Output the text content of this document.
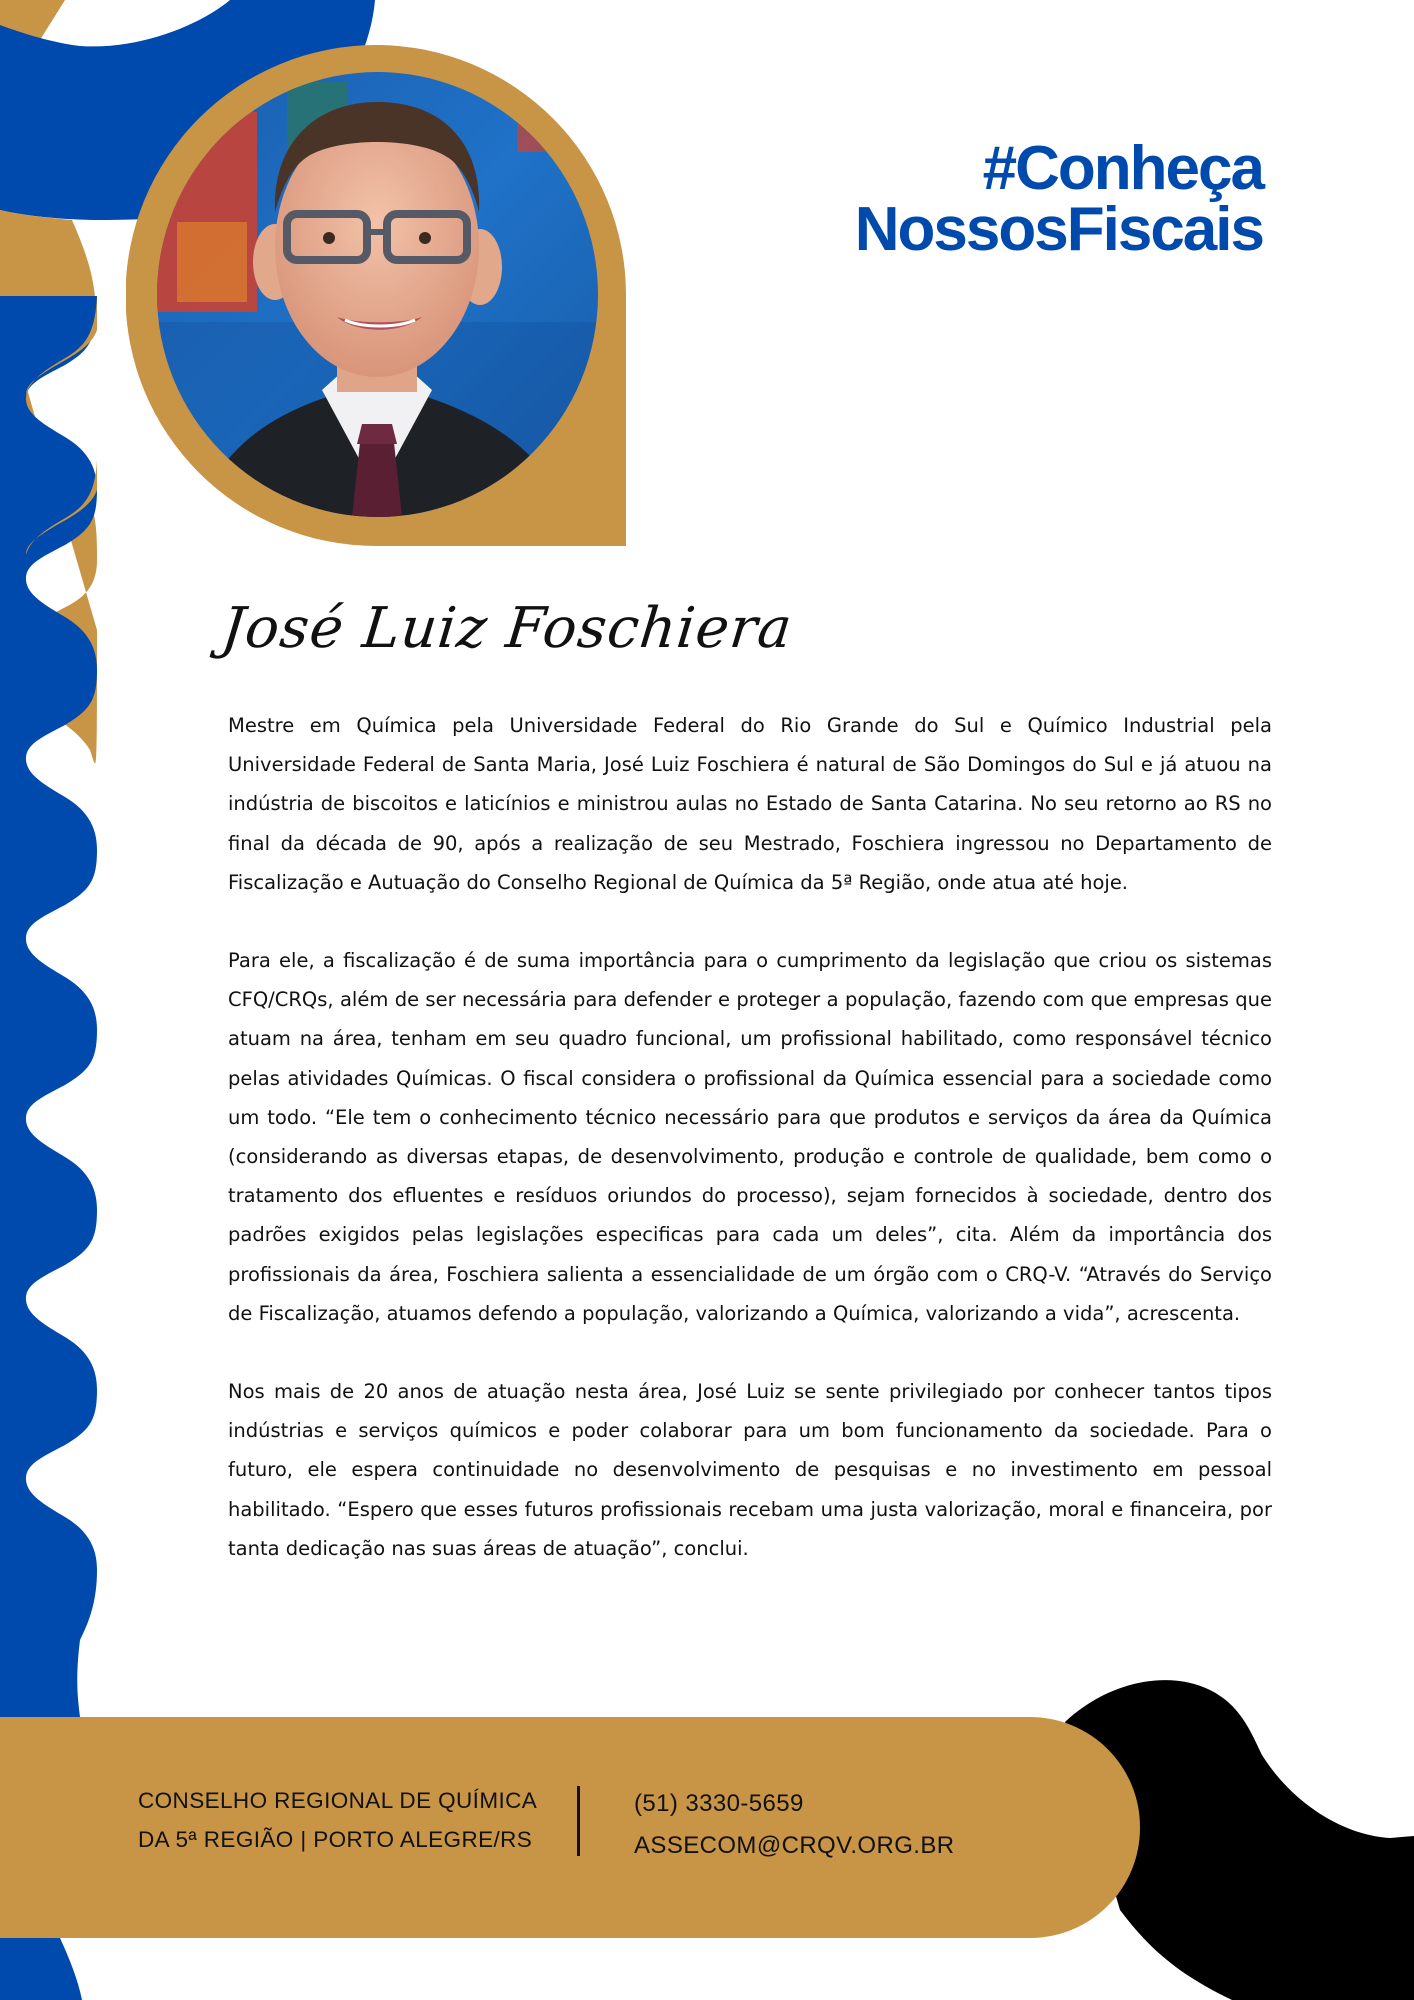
#Conheça
NossosFiscais
José Luiz Foschiera

Mestre em Química pela Universidade Federal do Rio Grande do Sul e Químico Industrial pela Universidade Federal de Santa Maria, José Luiz Foschiera é natural de São Domingos do Sul e já atuou na indústria de biscoitos e laticínios e ministrou aulas no Estado de Santa Catarina. No seu retorno ao RS no final da década de 90, após a realização de seu Mestrado, Foschiera ingressou no Departamento de Fiscalização e Autuação do Conselho Regional de Química da 5ª Região, onde atua até hoje.

Para ele, a fiscalização é de suma importância para o cumprimento da legislação que criou os sistemas CFQ/CRQs, além de ser necessária para defender e proteger a população, fazendo com que empresas que atuam na área, tenham em seu quadro funcional, um profissional habilitado, como responsável técnico pelas atividades Químicas. O fiscal considera o profissional da Química essencial para a sociedade como um todo. “Ele tem o conhecimento técnico necessário para que produtos e serviços da área da Química (considerando as diversas etapas, de desenvolvimento, produção e controle de qualidade, bem como o tratamento dos efluentes e resíduos oriundos do processo), sejam fornecidos à sociedade, dentro dos padrões exigidos pelas legislações especificas para cada um deles”, cita. Além da importância dos profissionais da área, Foschiera salienta a essencialidade de um órgão com o CRQ-V. “Através do Serviço de Fiscalização, atuamos defendo a população, valorizando a Química, valorizando a vida”, acrescenta.

Nos mais de 20 anos de atuação nesta área, José Luiz se sente privilegiado por conhecer tantos tipos indústrias e serviços químicos e poder colaborar para um bom funcionamento da sociedade. Para o futuro, ele espera continuidade no desenvolvimento de pesquisas e no investimento em pessoal habilitado. “Espero que esses futuros profissionais recebam uma justa valorização, moral e financeira, por tanta dedicação nas suas áreas de atuação”, conclui.

CONSELHO REGIONAL DE QUÍMICA
DA 5ª REGIÃO | PORTO ALEGRE/RS
(51) 3330-5659
ASSECOM@CRQV.ORG.BR
